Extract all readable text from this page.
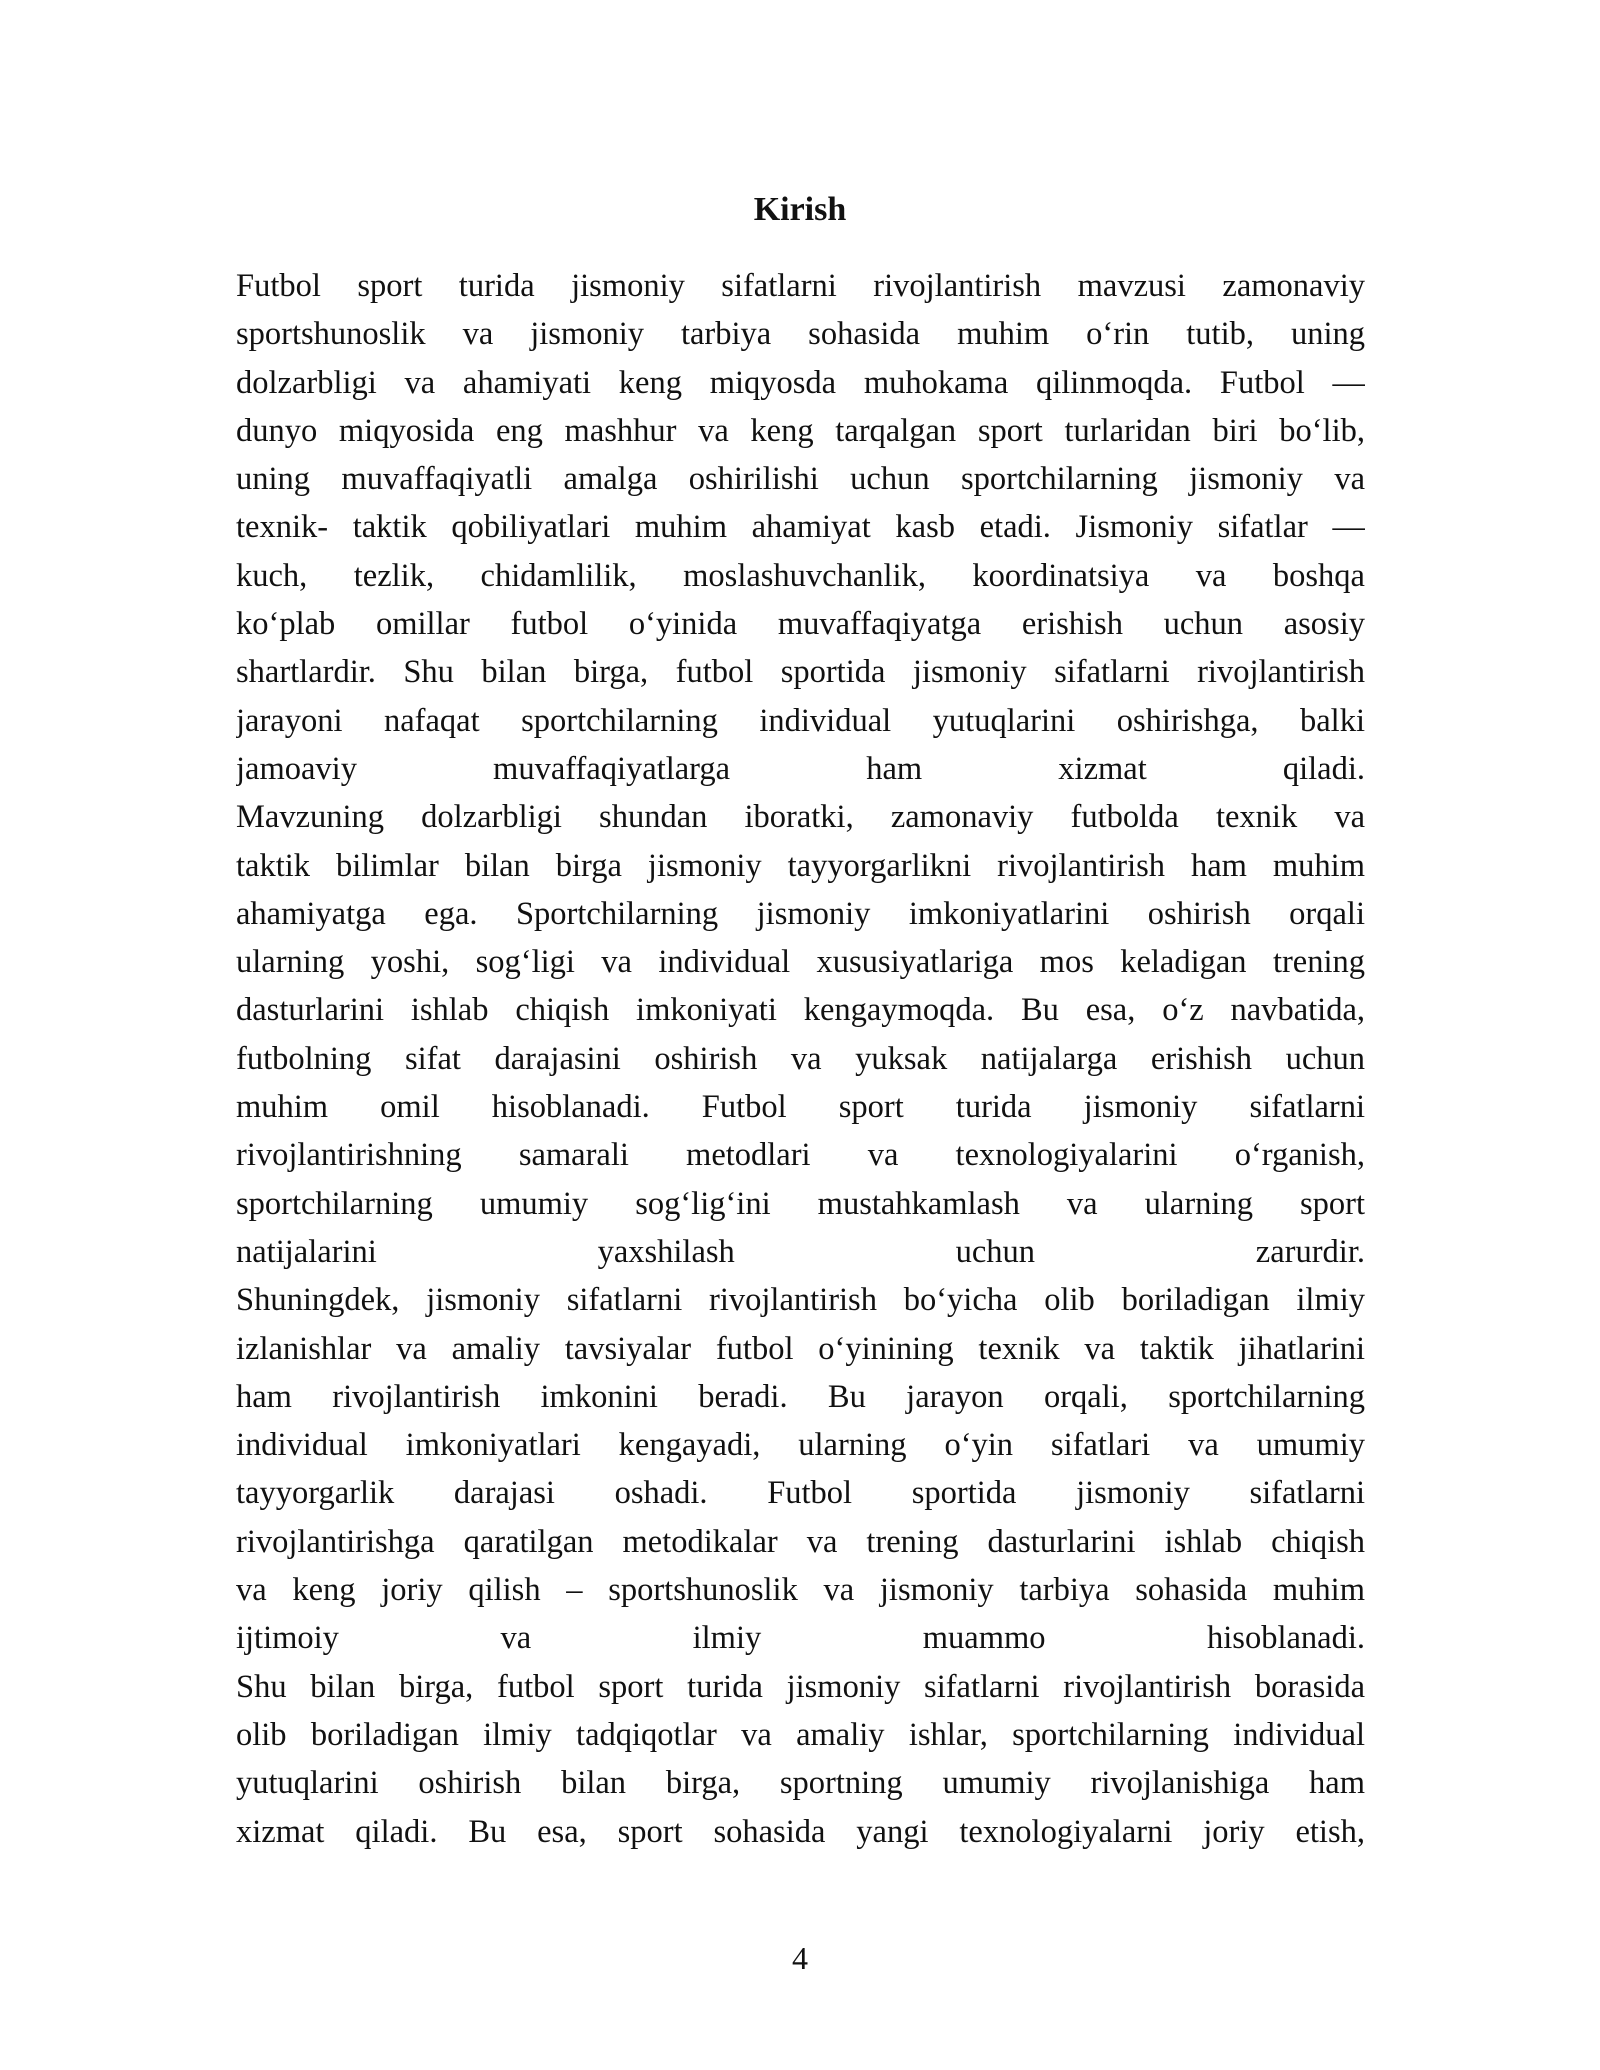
Kirish
Futbol sport turida jismoniy sifatlarni rivojlantirish mavzusi zamonaviy
sportshunoslik va jismoniy tarbiya sohasida muhim o‘rin tutib, uning
dolzarbligi va ahamiyati keng miqyosda muhokama qilinmoqda. Futbol —
dunyo miqyosida eng mashhur va keng tarqalgan sport turlaridan biri bo‘lib,
uning muvaffaqiyatli amalga oshirilishi uchun sportchilarning jismoniy va
texnik- taktik qobiliyatlari muhim ahamiyat kasb etadi. Jismoniy sifatlar —
kuch, tezlik, chidamlilik, moslashuvchanlik, koordinatsiya va boshqa
ko‘plab omillar futbol o‘yinida muvaffaqiyatga erishish uchun asosiy
shartlardir. Shu bilan birga, futbol sportida jismoniy sifatlarni rivojlantirish
jarayoni nafaqat sportchilarning individual yutuqlarini oshirishga, balki
jamoaviy muvaffaqiyatlarga ham xizmat qiladi.
Mavzuning dolzarbligi shundan iboratki, zamonaviy futbolda texnik va
taktik bilimlar bilan birga jismoniy tayyorgarlikni rivojlantirish ham muhim
ahamiyatga ega. Sportchilarning jismoniy imkoniyatlarini oshirish orqali
ularning yoshi, sog‘ligi va individual xususiyatlariga mos keladigan trening
dasturlarini ishlab chiqish imkoniyati kengaymoqda. Bu esa, o‘z navbatida,
futbolning sifat darajasini oshirish va yuksak natijalarga erishish uchun
muhim omil hisoblanadi. Futbol sport turida jismoniy sifatlarni
rivojlantirishning samarali metodlari va texnologiyalarini o‘rganish,
sportchilarning umumiy sog‘lig‘ini mustahkamlash va ularning sport
natijalarini yaxshilash uchun zarurdir.
Shuningdek, jismoniy sifatlarni rivojlantirish bo‘yicha olib boriladigan ilmiy
izlanishlar va amaliy tavsiyalar futbol o‘yinining texnik va taktik jihatlarini
ham rivojlantirish imkonini beradi. Bu jarayon orqali, sportchilarning
individual imkoniyatlari kengayadi, ularning o‘yin sifatlari va umumiy
tayyorgarlik darajasi oshadi. Futbol sportida jismoniy sifatlarni
rivojlantirishga qaratilgan metodikalar va trening dasturlarini ishlab chiqish
va keng joriy qilish – sportshunoslik va jismoniy tarbiya sohasida muhim
ijtimoiy va ilmiy muammo hisoblanadi.
Shu bilan birga, futbol sport turida jismoniy sifatlarni rivojlantirish borasida
olib boriladigan ilmiy tadqiqotlar va amaliy ishlar, sportchilarning individual
yutuqlarini oshirish bilan birga, sportning umumiy rivojlanishiga ham
xizmat qiladi. Bu esa, sport sohasida yangi texnologiyalarni joriy etish,
4
